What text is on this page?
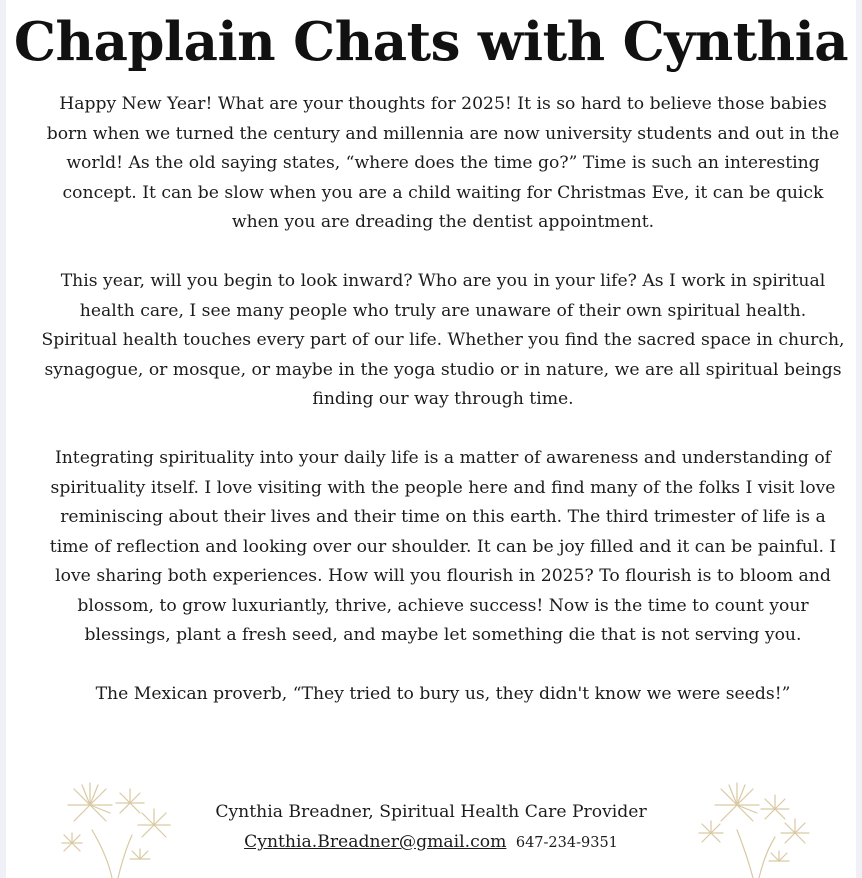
Chaplain Chats with Cynthia

Happy New Year! What are your thoughts for 2025! It is so hard to believe those babies born when we turned the century and millennia are now university students and out in the world! As the old saying states, “where does the time go?” Time is such an interesting concept. It can be slow when you are a child waiting for Christmas Eve, it can be quick when you are dreading the dentist appointment.

This year, will you begin to look inward? Who are you in your life? As I work in spiritual health care, I see many people who truly are unaware of their own spiritual health. Spiritual health touches every part of our life. Whether you find the sacred space in church, synagogue, or mosque, or maybe in the yoga studio or in nature, we are all spiritual beings finding our way through time.

Integrating spirituality into your daily life is a matter of awareness and understanding of spirituality itself. I love visiting with the people here and find many of the folks I visit love reminiscing about their lives and their time on this earth. The third trimester of life is a time of reflection and looking over our shoulder. It can be joy filled and it can be painful. I love sharing both experiences. How will you flourish in 2025? To flourish is to bloom and blossom, to grow luxuriantly, thrive, achieve success! Now is the time to count your blessings, plant a fresh seed, and maybe let something die that is not serving you.

The Mexican proverb, “They tried to bury us, they didn't know we were seeds!”

Cynthia Breadner, Spiritual Health Care Provider
Cynthia.Breadner@gmail.com 647-234-9351
